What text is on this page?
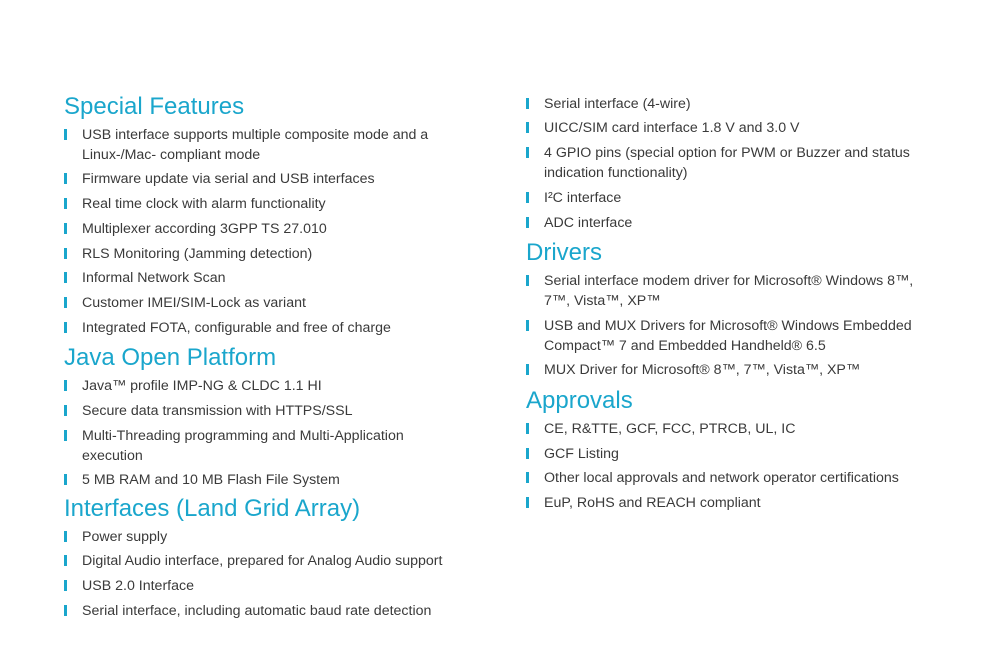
Special Features
USB interface supports multiple composite mode and a Linux-/Mac- compliant mode
Firmware update via serial and USB interfaces
Real time clock with alarm functionality
Multiplexer according 3GPP TS 27.010
RLS Monitoring (Jamming detection)
Informal Network Scan
Customer IMEI/SIM-Lock as variant
Integrated FOTA, configurable and free of charge
Java Open Platform
Java™ profile IMP-NG & CLDC 1.1 HI
Secure data transmission with HTTPS/SSL
Multi-Threading programming and Multi-Application execution
5 MB RAM and 10 MB Flash File System
Interfaces (Land Grid Array)
Power supply
Digital Audio interface, prepared for Analog Audio support
USB 2.0 Interface
Serial interface, including automatic baud rate detection
Serial interface (4-wire)
UICC/SIM card interface 1.8 V and 3.0 V
4 GPIO pins (special option for PWM or Buzzer and status indication functionality)
I²C interface
ADC interface
Drivers
Serial interface modem driver for Microsoft® Windows 8™, 7™, Vista™, XP™
USB and MUX Drivers for Microsoft® Windows Embedded Compact™ 7 and Embedded Handheld® 6.5
MUX Driver for Microsoft® 8™, 7™, Vista™, XP™
Approvals
CE, R&TTE, GCF, FCC, PTRCB, UL, IC
GCF Listing
Other local approvals and network operator certifications
EuP, RoHS and REACH compliant
